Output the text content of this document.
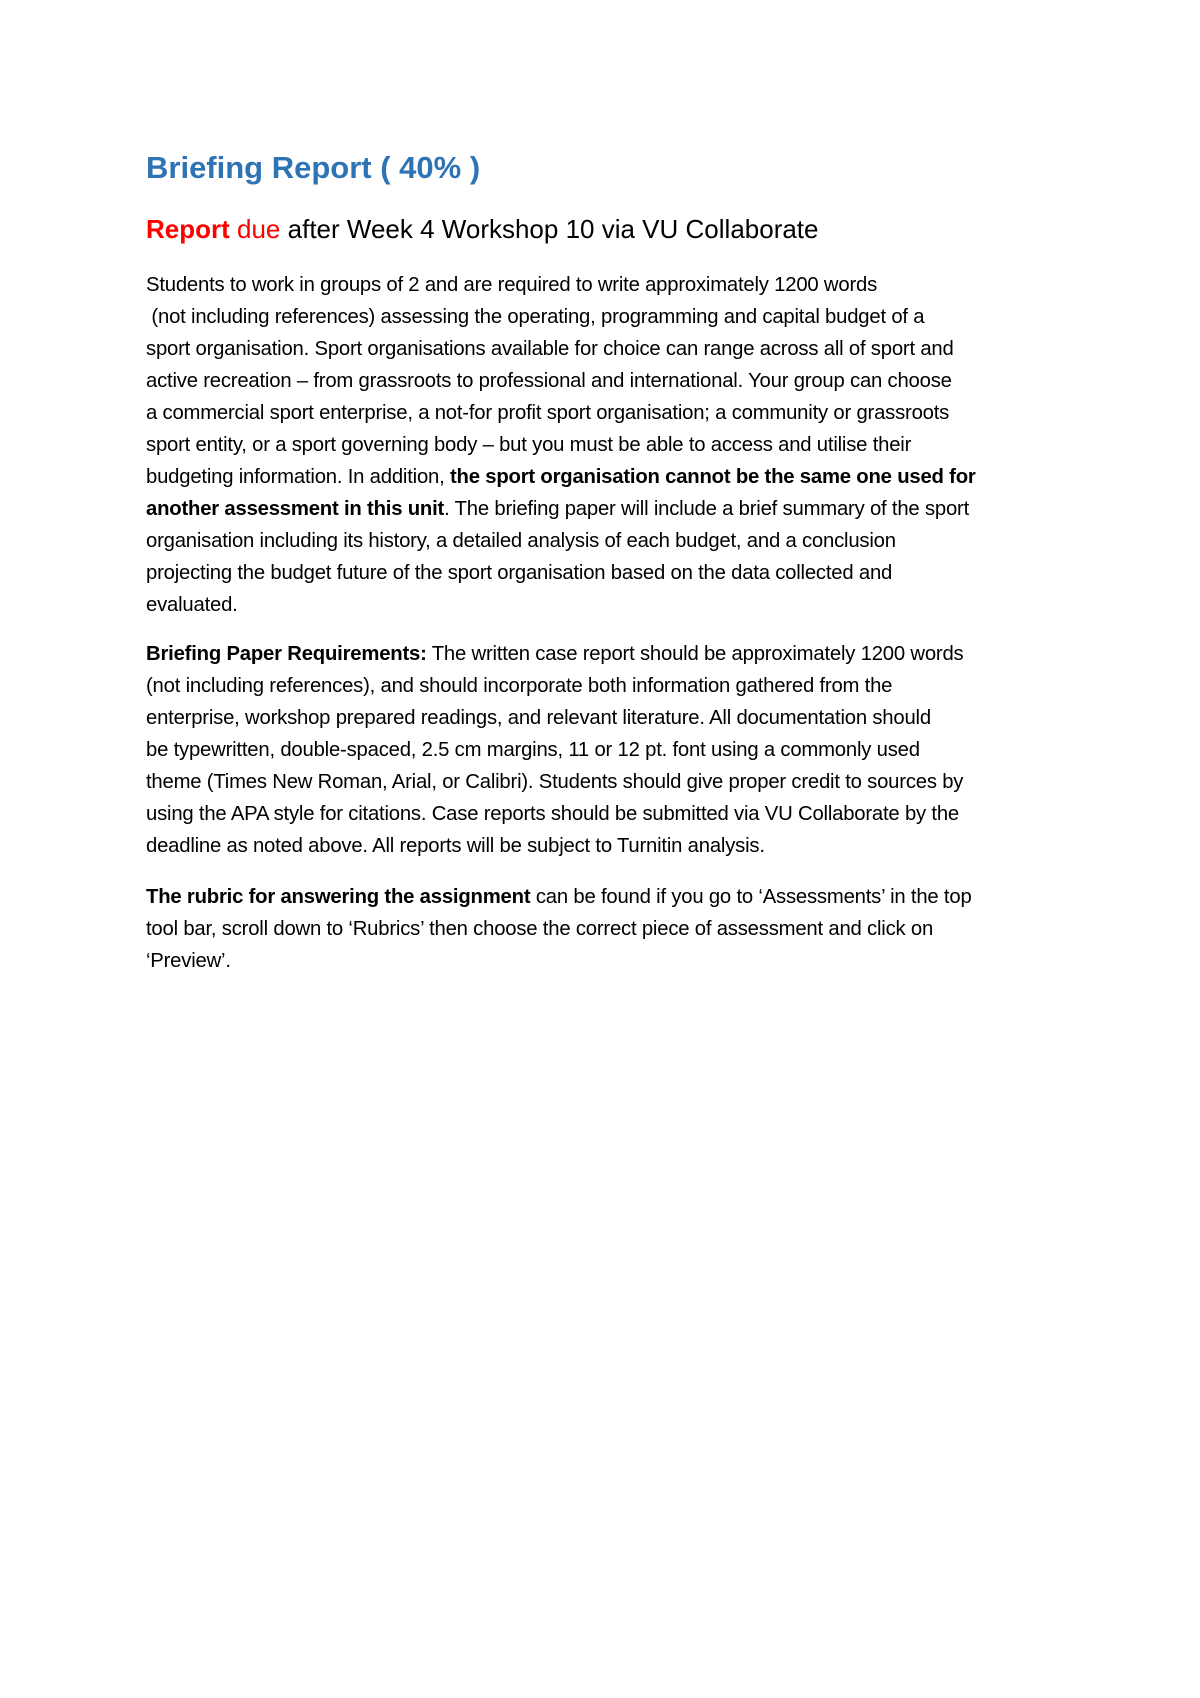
Briefing Report ( 40% )

Report due after Week 4 Workshop 10 via VU Collaborate

Students to work in groups of 2 and are required to write approximately 1200 words
(not including references) assessing the operating, programming and capital budget of a
sport organisation. Sport organisations available for choice can range across all of sport and
active recreation – from grassroots to professional and international. Your group can choose
a commercial sport enterprise, a not-for profit sport organisation; a community or grassroots
sport entity, or a sport governing body – but you must be able to access and utilise their
budgeting information. In addition, the sport organisation cannot be the same one used for
another assessment in this unit. The briefing paper will include a brief summary of the sport
organisation including its history, a detailed analysis of each budget, and a conclusion
projecting the budget future of the sport organisation based on the data collected and
evaluated.

Briefing Paper Requirements: The written case report should be approximately 1200 words
(not including references), and should incorporate both information gathered from the
enterprise, workshop prepared readings, and relevant literature. All documentation should
be typewritten, double-spaced, 2.5 cm margins, 11 or 12 pt. font using a commonly used
theme (Times New Roman, Arial, or Calibri). Students should give proper credit to sources by
using the APA style for citations. Case reports should be submitted via VU Collaborate by the
deadline as noted above. All reports will be subject to Turnitin analysis.

The rubric for answering the assignment can be found if you go to ‘Assessments’ in the top
tool bar, scroll down to ‘Rubrics’ then choose the correct piece of assessment and click on
‘Preview’.
